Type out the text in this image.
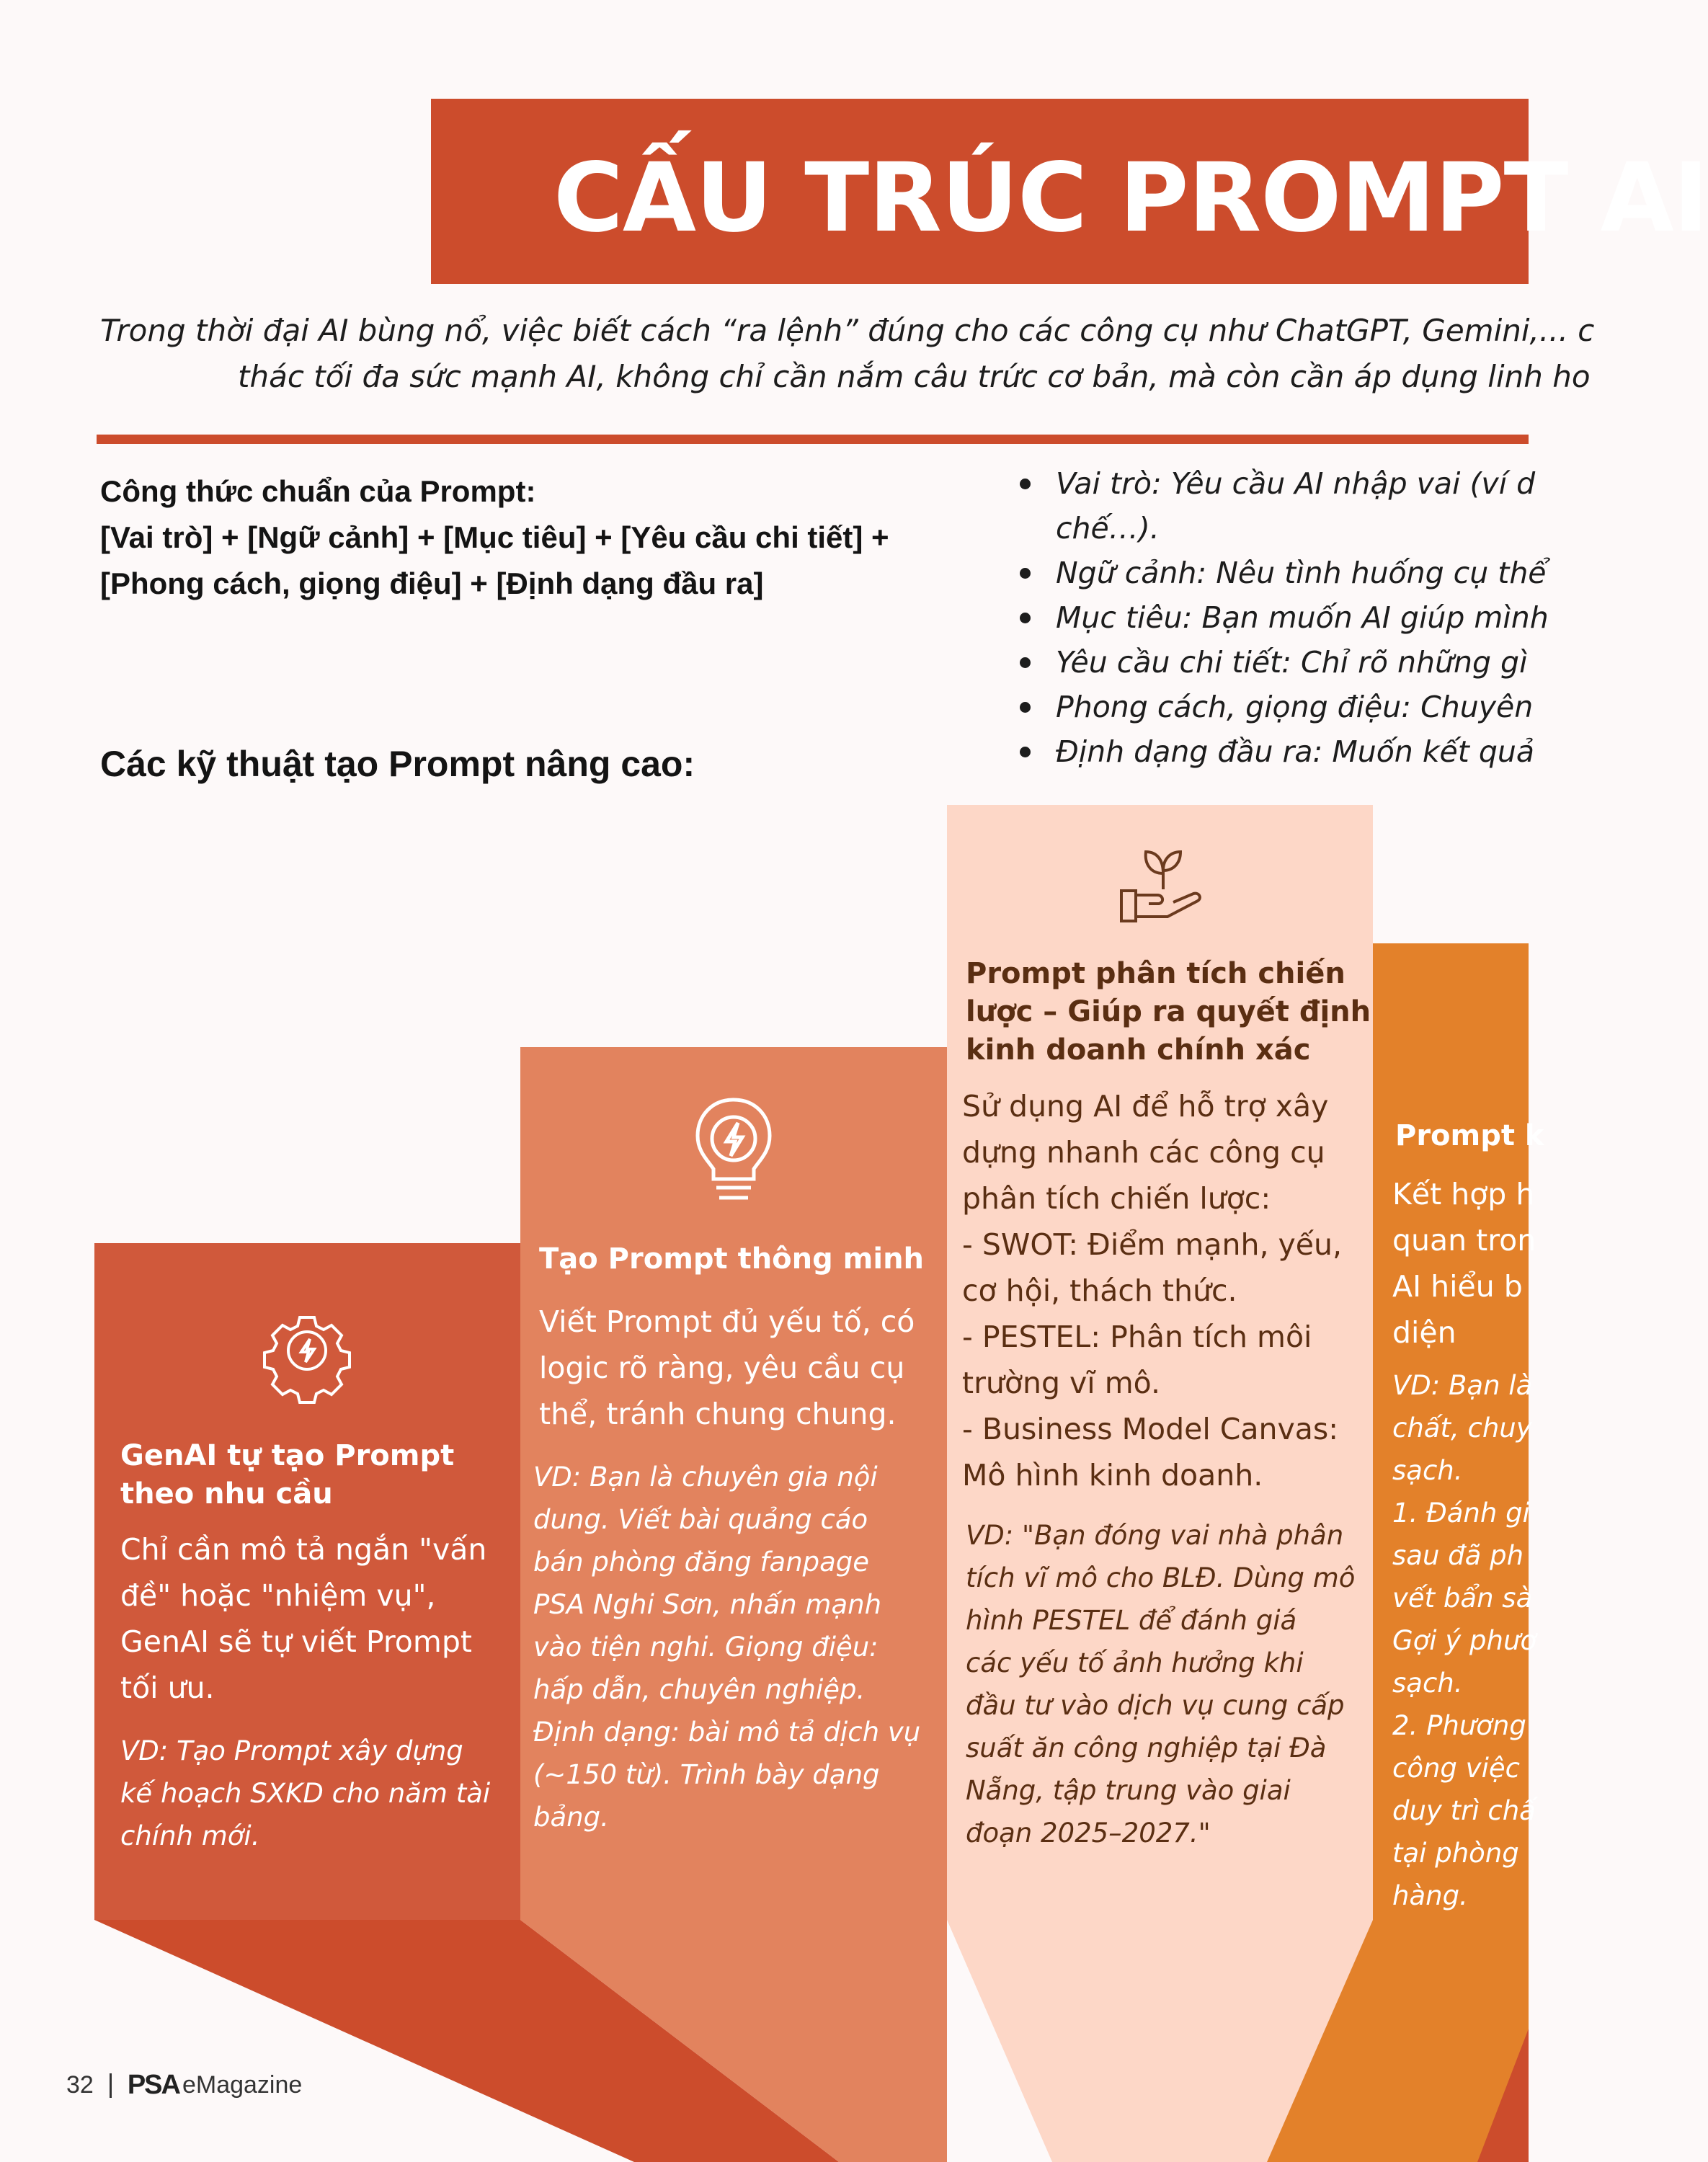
CẤU TRÚC PROMPT AI
Trong thời đại AI bùng nổ, việc biết cách “ra lệnh” đúng cho các công cụ như ChatGPT, Gemini,... c
thác tối đa sức mạnh AI, không chỉ cần nắm câu trức cơ bản, mà còn cần áp dụng linh ho
Công thức chuẩn của Prompt:
[Vai trò] + [Ngữ cảnh] + [Mục tiêu] + [Yêu cầu chi tiết] +
[Phong cách, giọng điệu] + [Định dạng đầu ra]
Vai trò: Yêu cầu AI nhập vai (ví d
chế…).
Ngữ cảnh: Nêu tình huống cụ thể
Mục tiêu: Bạn muốn AI giúp mình
Yêu cầu chi tiết: Chỉ rõ những gì
Phong cách, giọng điệu: Chuyên
Định dạng đầu ra: Muốn kết quả
Các kỹ thuật tạo Prompt nâng cao:
GenAI tự tạo Prompt
theo nhu cầu
Chỉ cần mô tả ngắn "vấn
đề" hoặc "nhiệm vụ",
GenAI sẽ tự viết Prompt
tối ưu.
VD: Tạo Prompt xây dựng
kế hoạch SXKD cho năm tài
chính mới.
Tạo Prompt thông minh
Viết Prompt đủ yếu tố, có
logic rõ ràng, yêu cầu cụ
thể, tránh chung chung.
VD: Bạn là chuyên gia nội
dung. Viết bài quảng cáo
bán phòng đăng fanpage
PSA Nghi Sơn, nhấn mạnh
vào tiện nghi. Giọng điệu:
hấp dẫn, chuyên nghiệp.
Định dạng: bài mô tả dịch vụ
(~150 từ). Trình bày dạng
bảng.
Prompt phân tích chiến
lược – Giúp ra quyết định
kinh doanh chính xác
Sử dụng AI để hỗ trợ xây
dựng nhanh các công cụ
phân tích chiến lược:
- SWOT: Điểm mạnh, yếu,
cơ hội, thách thức.
- PESTEL: Phân tích môi
trường vĩ mô.
- Business Model Canvas:
Mô hình kinh doanh.
VD: "Bạn đóng vai nhà phân
tích vĩ mô cho BLĐ. Dùng mô
hình PESTEL để đánh giá
các yếu tố ảnh hưởng khi
đầu tư vào dịch vụ cung cấp
suất ăn công nghiệp tại Đà
Nẵng, tập trung vào giai
đoạn 2025–2027."
Prompt k
Kết hợp h
quan tron
AI hiểu b
diện
VD: Bạn là
chất, chuy
sạch.
1. Đánh gi
sau đã ph
vết bẩn sà
Gợi ý phươ
sạch.
2. Phương
công việc
duy trì chấ
tại phòng
hàng.
32 PSA eMagazine
